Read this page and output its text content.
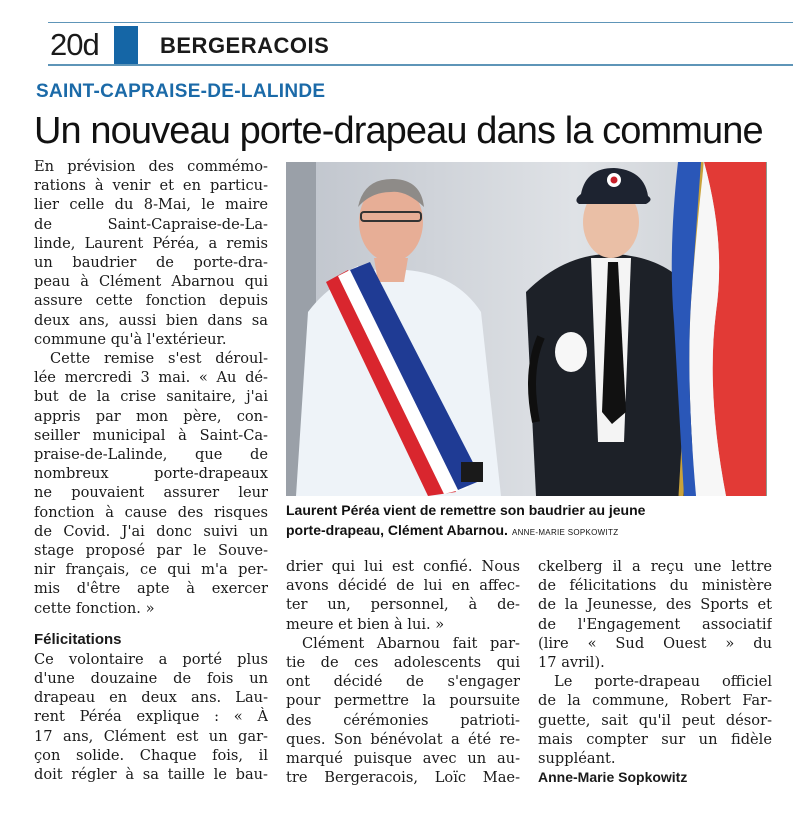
20d	BERGERACOIS
SAINT-CAPRAISE-DE-LALINDE
Un nouveau porte-drapeau dans la commune
En prévision des commémo-
rations à venir et en particu-
lier celle du 8-Mai, le maire
de Saint-Capraise-de-La-
linde, Laurent Péréa, a remis
un baudrier de porte-dra-
peau à Clément Abarnou qui
assure cette fonction depuis
deux ans, aussi bien dans sa
commune qu'à l'extérieur.
Cette remise s'est déroul-
lée mercredi 3 mai. « Au dé-
but de la crise sanitaire, j'ai
appris par mon père, con-
seiller municipal à Saint-Ca-
praise-de-Lalinde, que de
nombreux porte-drapeaux
ne pouvaient assurer leur
fonction à cause des risques
de Covid. J'ai donc suivi un
stage proposé par le Souve-
nir français, ce qui m'a per-
mis d'être apte à exercer
cette fonction. »
Félicitations
Ce volontaire a porté plus
d'une douzaine de fois un
drapeau en deux ans. Lau-
rent Péréa explique : « À
17 ans, Clément est un gar-
çon solide. Chaque fois, il
doit régler à sa taille le bau-
Laurent Péréa vient de remettre son baudrier au jeune
porte-drapeau, Clément Abarnou. ANNE-MARIE SOPKOWITZ
drier qui lui est confié. Nous
avons décidé de lui en affec-
ter un, personnel, à de-
meure et bien à lui. »
Clément Abarnou fait par-
tie de ces adolescents qui
ont décidé de s'engager
pour permettre la poursuite
des cérémonies patrioti-
ques. Son bénévolat a été re-
marqué puisque avec un au-
tre Bergeracois, Loïc Mae-
ckelberg il a reçu une lettre
de félicitations du ministère
de la Jeunesse, des Sports et
de l'Engagement associatif
(lire « Sud Ouest » du
17 avril).
Le porte-drapeau officiel
de la commune, Robert Far-
guette, sait qu'il peut désor-
mais compter sur un fidèle
suppléant.
Anne-Marie Sopkowitz
